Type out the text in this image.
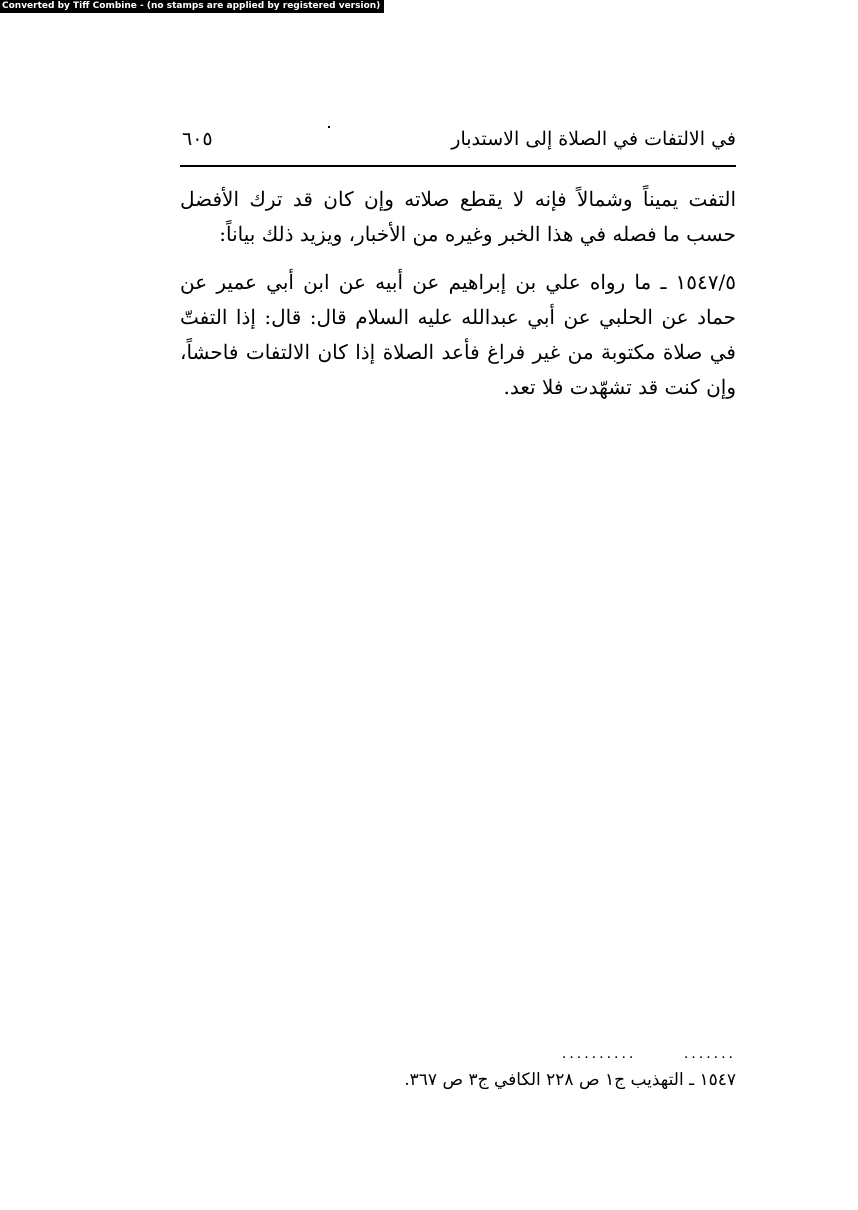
Converted by Tiff Combine - (no stamps are applied by registered version)
في الالتفات في الصلاة إلى الاستدبار
٦٠٥

التفت يميناً وشمالاً فإنه لا يقطع صلاته وإن كان قد ترك الأفضل حسب ما فصله في هذا الخبر وغيره من الأخبار، ويزيد ذلك بياناً:

١٥٤٧/٥ ـ ما رواه علي بن إبراهيم عن أبيه عن ابن أبي عمير عن حماد عن الحلبي عن أبي عبدالله عليه السلام قال: قال: إذا التفتّ في صلاة مكتوبة من غير فراغ فأعد الصلاة إذا كان الالتفات فاحشاً، وإن كنت قد تشهّدت فلا تعد.

..........	.......
١٥٤٧ ـ التهذيب ج١ ص ٢٢٨ الكافي ج٣ ص ٣٦٧.
